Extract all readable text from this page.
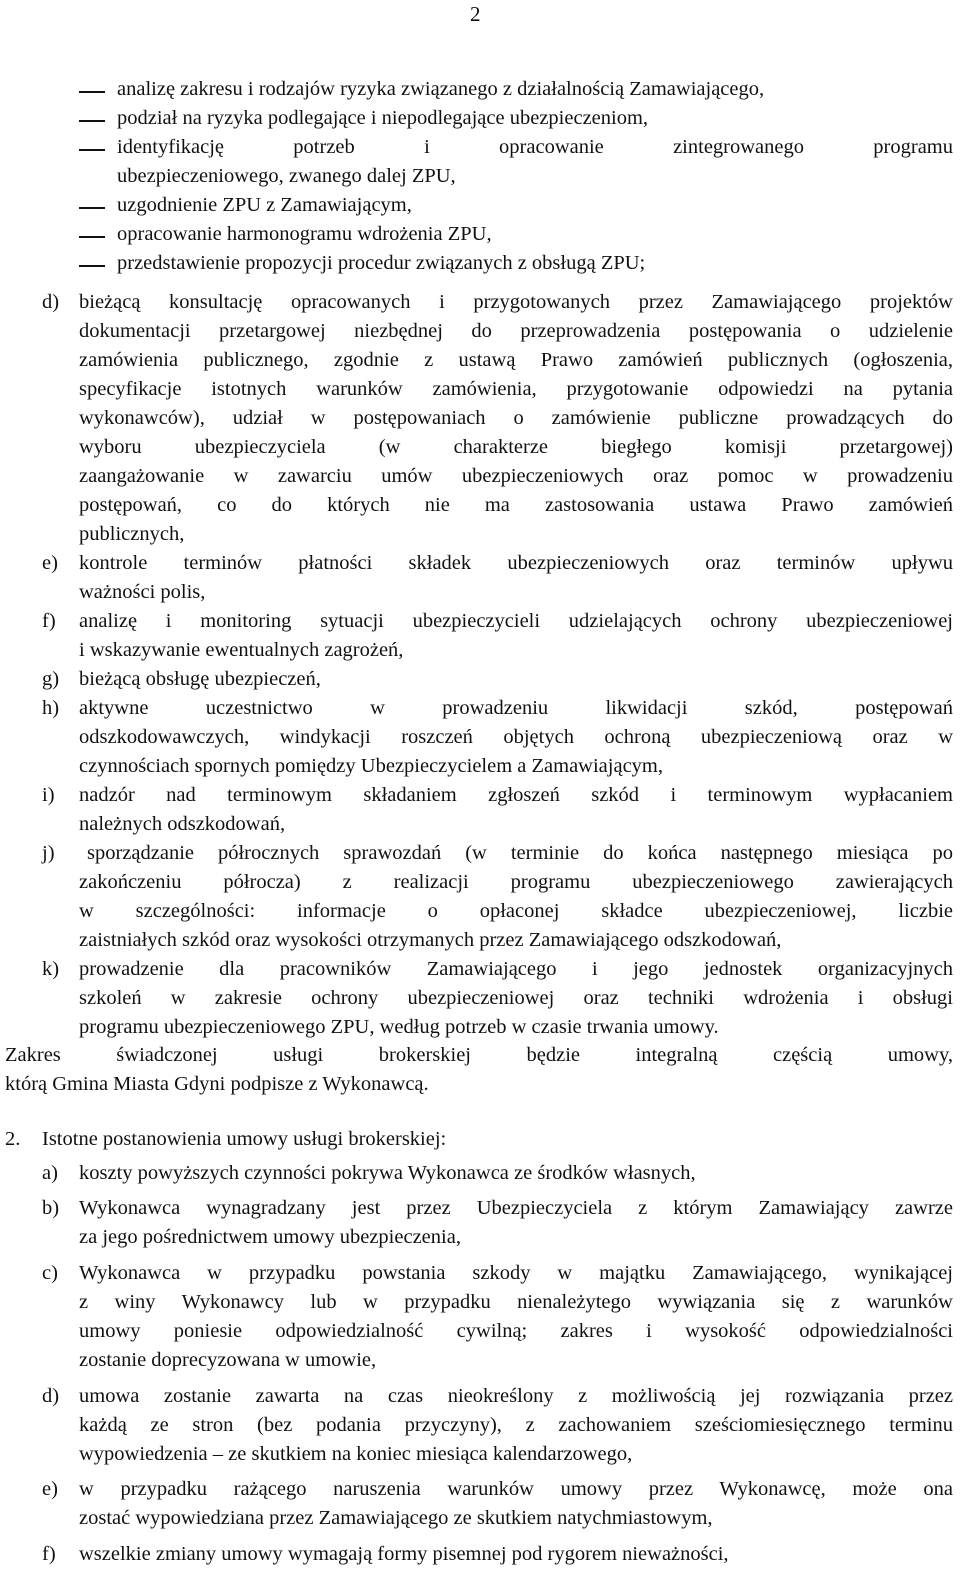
2
analizę zakresu i rodzajów ryzyka związanego z działalnością Zamawiającego,
podział na ryzyka podlegające i niepodlegające ubezpieczeniom,
identyfikację potrzeb i opracowanie zintegrowanego programu
ubezpieczeniowego, zwanego dalej ZPU,
uzgodnienie ZPU z Zamawiającym,
opracowanie harmonogramu wdrożenia ZPU,
przedstawienie propozycji procedur związanych z obsługą ZPU;
d) bieżącą konsultację opracowanych i przygotowanych przez Zamawiającego projektów
dokumentacji przetargowej niezbędnej do przeprowadzenia postępowania o udzielenie
zamówienia publicznego, zgodnie z ustawą Prawo zamówień publicznych (ogłoszenia,
specyfikacje istotnych warunków zamówienia, przygotowanie odpowiedzi na pytania
wykonawców), udział w postępowaniach o zamówienie publiczne prowadzących do
wyboru ubezpieczyciela (w charakterze biegłego komisji przetargowej)
zaangażowanie w zawarciu umów ubezpieczeniowych oraz pomoc w prowadzeniu
postępowań, co do których nie ma zastosowania ustawa Prawo zamówień
publicznych,
e) kontrole terminów płatności składek ubezpieczeniowych oraz terminów upływu
ważności polis,
f) analizę i monitoring sytuacji ubezpieczycieli udzielających ochrony ubezpieczeniowej
i wskazywanie ewentualnych zagrożeń,
g) bieżącą obsługę ubezpieczeń,
h) aktywne uczestnictwo w prowadzeniu likwidacji szkód, postępowań
odszkodowawczych, windykacji roszczeń objętych ochroną ubezpieczeniową oraz w
czynnościach spornych pomiędzy Ubezpieczycielem a Zamawiającym,
i) nadzór nad terminowym składaniem zgłoszeń szkód i terminowym wypłacaniem
należnych odszkodowań,
j) sporządzanie półrocznych sprawozdań (w terminie do końca następnego miesiąca po
zakończeniu półrocza) z realizacji programu ubezpieczeniowego zawierających
w szczególności: informacje o opłaconej składce ubezpieczeniowej, liczbie
zaistniałych szkód oraz wysokości otrzymanych przez Zamawiającego odszkodowań,
k) prowadzenie dla pracowników Zamawiającego i jego jednostek organizacyjnych
szkoleń w zakresie ochrony ubezpieczeniowej oraz techniki wdrożenia i obsługi
programu ubezpieczeniowego ZPU, według potrzeb w czasie trwania umowy.
Zakres świadczonej usługi brokerskiej będzie integralną częścią umowy,
którą Gmina Miasta Gdyni podpisze z Wykonawcą.
2. Istotne postanowienia umowy usługi brokerskiej:
a) koszty powyższych czynności pokrywa Wykonawca ze środków własnych,
b) Wykonawca wynagradzany jest przez Ubezpieczyciela z którym Zamawiający zawrze
za jego pośrednictwem umowy ubezpieczenia,
c) Wykonawca w przypadku powstania szkody w majątku Zamawiającego, wynikającej
z winy Wykonawcy lub w przypadku nienależytego wywiązania się z warunków
umowy poniesie odpowiedzialność cywilną; zakres i wysokość odpowiedzialności
zostanie doprecyzowana w umowie,
d) umowa zostanie zawarta na czas nieokreślony z możliwością jej rozwiązania przez
każdą ze stron (bez podania przyczyny), z zachowaniem sześciomiesięcznego terminu
wypowiedzenia – ze skutkiem na koniec miesiąca kalendarzowego,
e) w przypadku rażącego naruszenia warunków umowy przez Wykonawcę, może ona
zostać wypowiedziana przez Zamawiającego ze skutkiem natychmiastowym,
f) wszelkie zmiany umowy wymagają formy pisemnej pod rygorem nieważności,
